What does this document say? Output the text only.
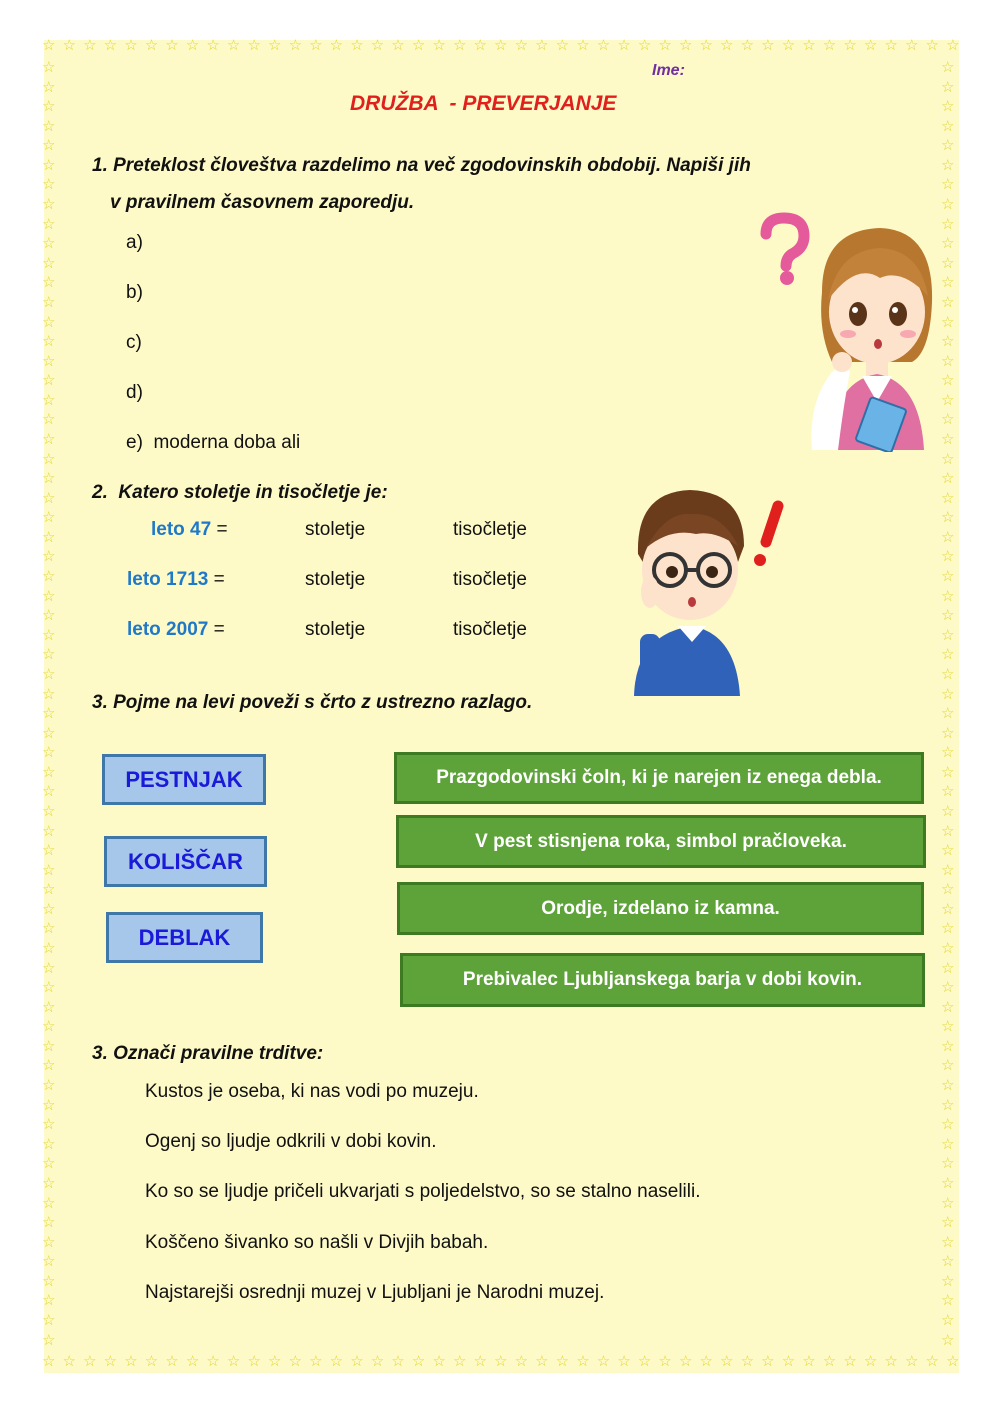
☆ ☆ ☆ ☆ ☆ ☆ ☆ ☆ ☆ ☆ ☆ ☆ ☆ ☆ ☆ ☆ ☆ ☆ ☆ ☆ ☆ ☆ ☆ ☆ ☆ ☆ ☆ ☆ ☆ ☆ ☆ ☆ ☆ ☆ ☆ ☆ ☆ ☆ ☆ ☆ ☆ ☆ ☆ ☆ ☆
☆ ☆ ☆ ☆ ☆ ☆ ☆ ☆ ☆ ☆ ☆ ☆ ☆ ☆ ☆ ☆ ☆ ☆ ☆ ☆ ☆ ☆ ☆ ☆ ☆ ☆ ☆ ☆ ☆ ☆ ☆ ☆ ☆ ☆ ☆ ☆ ☆ ☆ ☆ ☆ ☆ ☆ ☆ ☆ ☆
☆
☆
☆
☆
☆
☆
☆
☆
☆
☆
☆
☆
☆
☆
☆
☆
☆
☆
☆
☆
☆
☆
☆
☆
☆
☆
☆
☆
☆
☆
☆
☆
☆
☆
☆
☆
☆
☆
☆
☆
☆
☆
☆
☆
☆
☆
☆
☆
☆
☆
☆
☆
☆
☆
☆
☆
☆
☆
☆
☆
☆
☆
☆
☆
☆
☆
☆
☆
☆
☆
☆
☆
☆
☆
☆
☆
☆
☆
☆
☆
☆
☆
☆
☆
☆
☆
☆
☆
☆
☆
☆
☆
☆
☆
☆
☆
☆
☆
☆
☆
☆
☆
☆
☆
☆
☆
☆
☆
☆
☆
☆
☆
☆
☆
☆
☆
☆
☆
☆
☆
☆
☆
☆
☆
☆
☆
☆
☆
☆
☆
☆
☆
Ime:
DRUŽBA  - PREVERJANJE
1. Preteklost človeštva razdelimo na več zgodovinskih obdobij. Napiši jih
v pravilnem časovnem zaporedju.
a)
b)
c)
d)
e)  moderna doba ali
2.  Katero stoletje in tisočletje je:
leto 47 =	stoletje	tisočletje
leto 1713 =	stoletje	tisočletje
leto 2007 =	stoletje	tisočletje
3. Pojme na levi poveži s črto z ustrezno razlago.
PESTNJAK
KOLIŠČAR
DEBLAK
Prazgodovinski čoln, ki je narejen iz enega debla.
V pest stisnjena roka, simbol pračloveka.
Orodje, izdelano iz kamna.
Prebivalec Ljubljanskega barja v dobi kovin.
3. Označi pravilne trditve:
Kustos je oseba, ki nas vodi po muzeju.
Ogenj so ljudje odkrili v dobi kovin.
Ko so se ljudje pričeli ukvarjati s poljedelstvo, so se stalno naselili.
Koščeno šivanko so našli v Divjih babah.
Najstarejši osrednji muzej v Ljubljani je Narodni muzej.
